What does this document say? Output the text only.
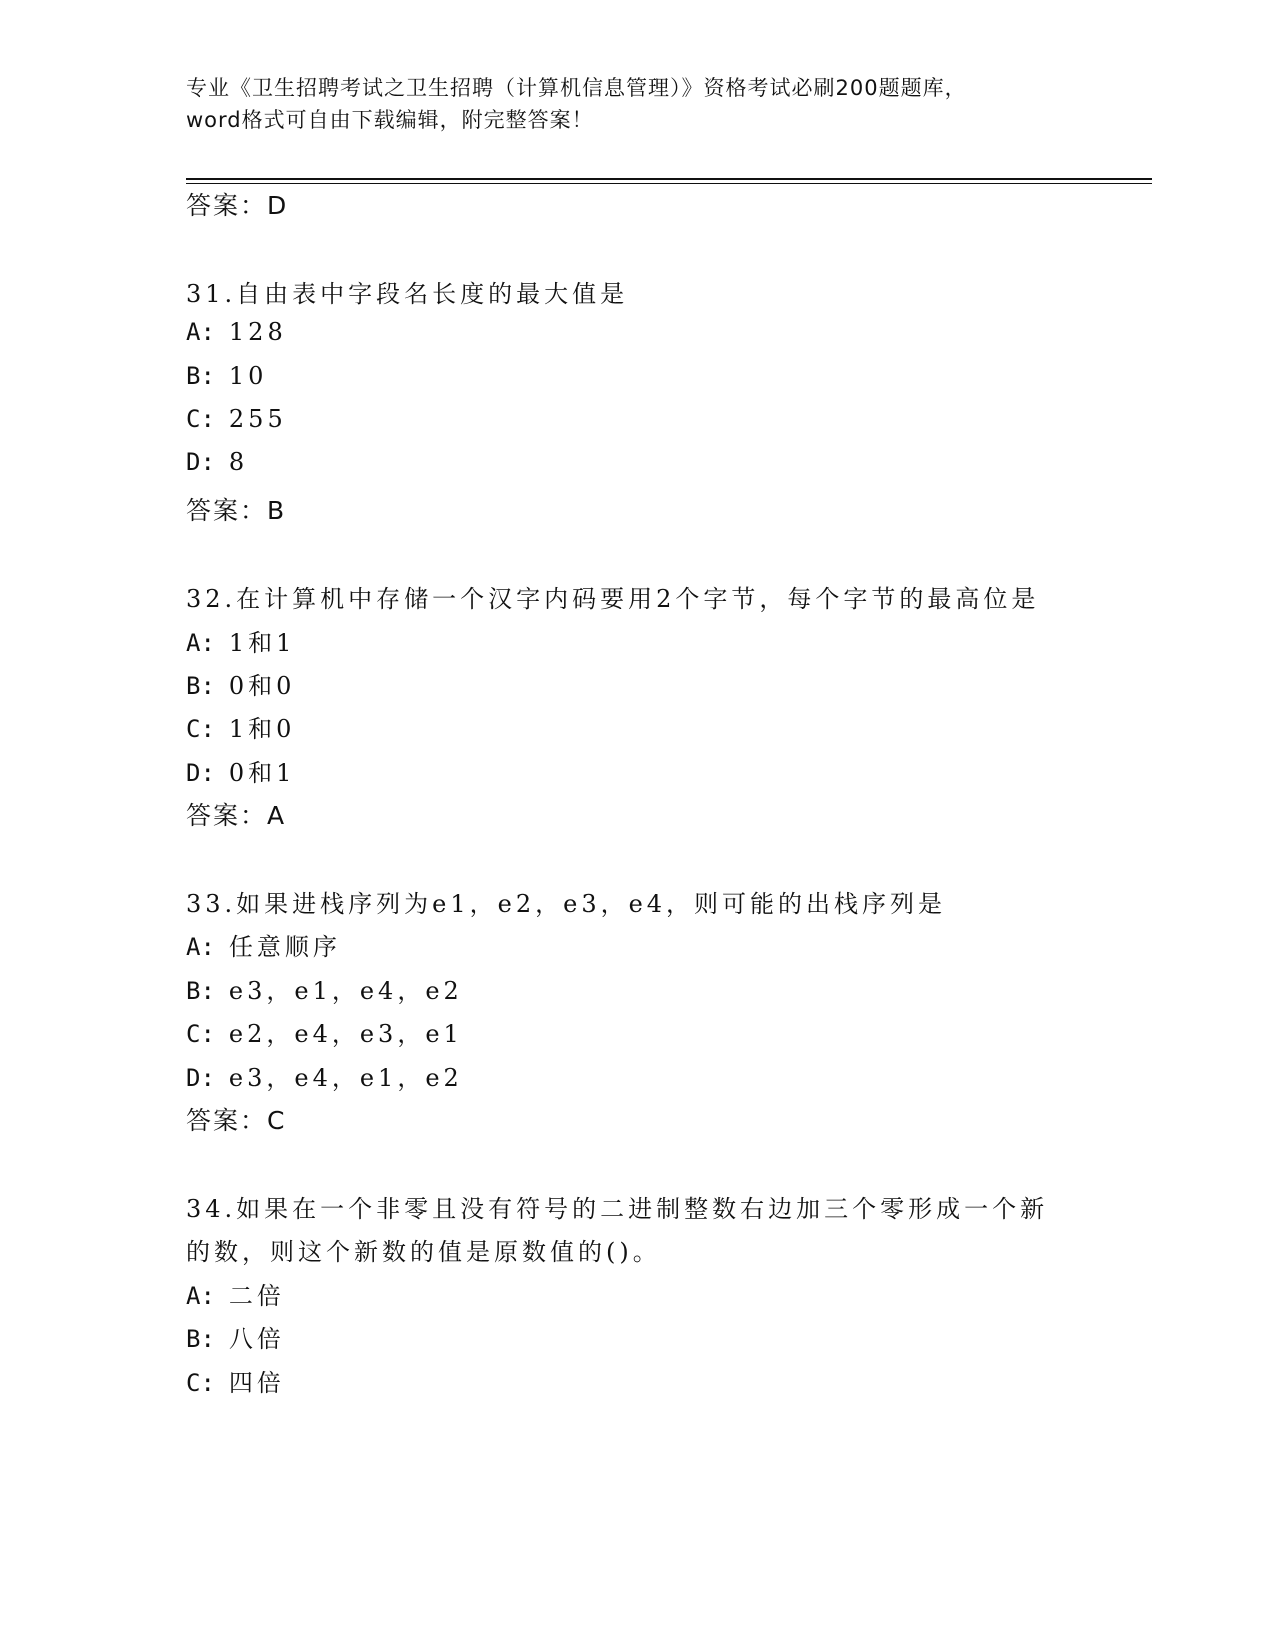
专业《卫生招聘考试之卫生招聘（计算机信息管理）》资格考试必刷200题题库，
word格式可自由下载编辑，附完整答案！
答案：D
31.自由表中字段名长度的最大值是
A: 128
B: 10
C: 255
D: 8
答案：B
32.在计算机中存储一个汉字内码要用2个字节，每个字节的最高位是
A: 1和1
B: 0和0
C: 1和0
D: 0和1
答案：A
33.如果进栈序列为e1，e2，e3，e4，则可能的出栈序列是
A: 任意顺序
B: e3，e1，e4，e2
C: e2，e4，e3，e1
D: e3，e4，e1，e2
答案：C
34.如果在一个非零且没有符号的二进制整数右边加三个零形成一个新
的数，则这个新数的值是原数值的()。
A: 二倍
B: 八倍
C: 四倍
